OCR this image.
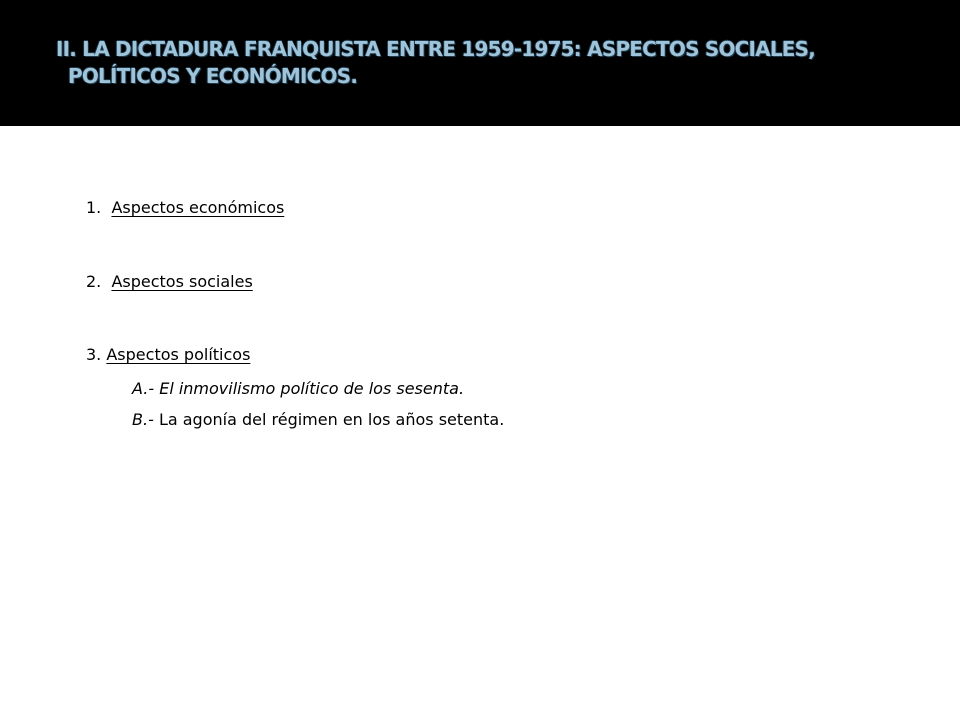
II. LA DICTADURA FRANQUISTA ENTRE 1959-1975: ASPECTOS SOCIALES,

POLÍTICOS Y ECONÓMICOS.

1. Aspectos económicos
2. Aspectos sociales
3. Aspectos políticos
A.- El inmovilismo político de los sesenta.
B.- La agonía del régimen en los años setenta.
